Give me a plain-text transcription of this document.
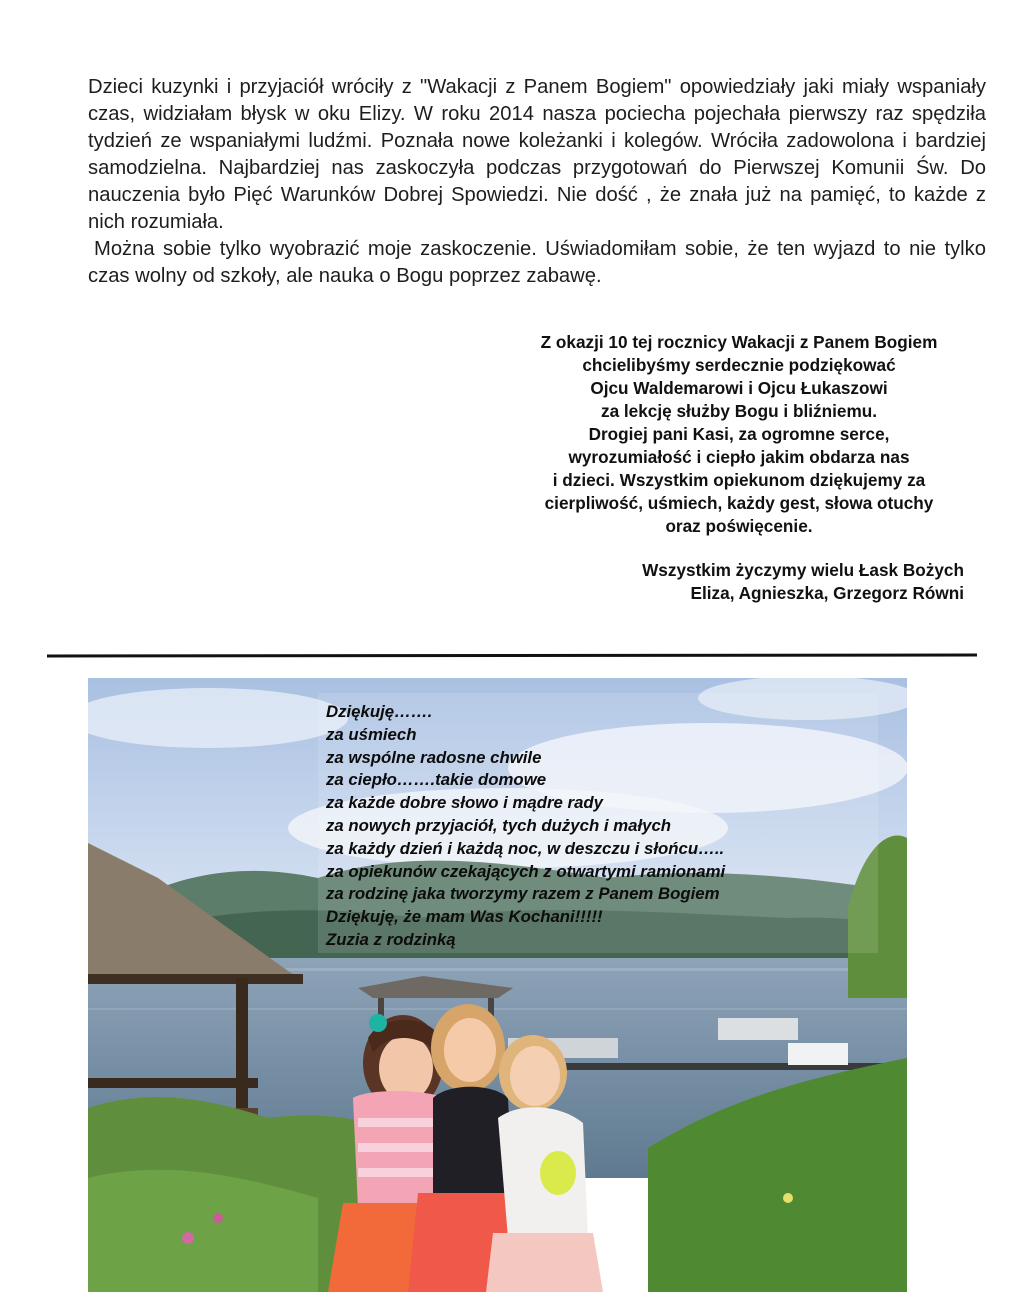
Dzieci kuzynki i przyjaciół wróciły z "Wakacji z Panem Bogiem" opowiedziały jaki miały wspaniały czas, widziałam błysk w oku Elizy. W roku 2014 nasza pociecha pojechała pierwszy raz spędziła tydzień ze wspaniałymi ludźmi. Poznała nowe koleżanki i kolegów. Wróciła zadowolona i bardziej samodzielna. Najbardziej nas zaskoczyła podczas przygotowań do Pierwszej Komunii Św. Do nauczenia było Pięć Warunków Dobrej Spowiedzi. Nie dość , że znała już na pamięć, to każde z nich rozumiała.

Można sobie tylko wyobrazić moje zaskoczenie. Uświadomiłam sobie, że ten wyjazd to nie tylko czas wolny od szkoły, ale nauka o Bogu poprzez zabawę.

Z okazji 10 tej rocznicy Wakacji z Panem Bogiem
chcielibyśmy serdecznie podziękować
Ojcu Waldemarowi i Ojcu Łukaszowi
za lekcję służby Bogu i bliźniemu.
Drogiej pani Kasi, za ogromne serce,
wyrozumiałość i ciepło jakim obdarza nas
i dzieci. Wszystkim opiekunom dziękujemy za
cierpliwość, uśmiech, każdy gest, słowa otuchy
oraz poświęcenie.
Wszystkim życzymy wielu Łask Bożych
Eliza, Agnieszka, Grzegorz Równi
Dziękuję…….
za uśmiech
za wspólne radosne chwile
za ciepło…….takie domowe
za każde dobre słowo i mądre rady
za nowych przyjaciół, tych dużych i małych
za każdy dzień i każdą noc, w deszczu i słońcu…..
za opiekunów czekających z otwartymi ramionami
za rodzinę jaka tworzymy razem z Panem Bogiem
Dziękuję, że mam Was Kochani!!!!!
Zuzia z rodzinką
